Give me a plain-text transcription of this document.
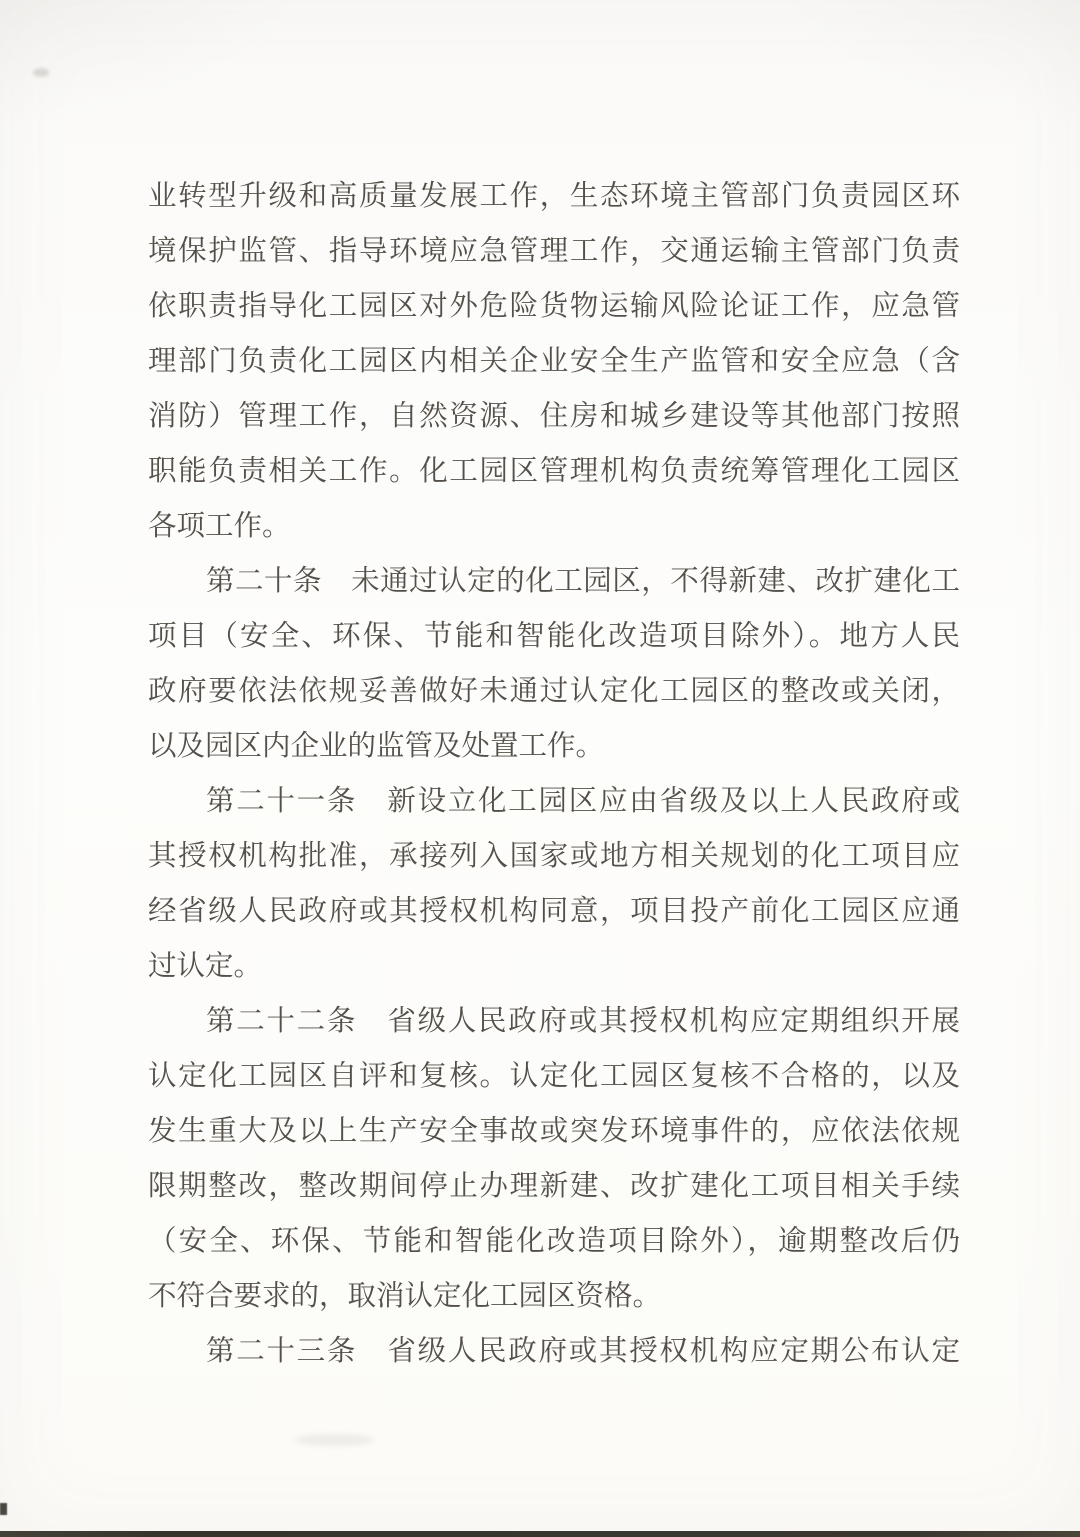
业转型升级和高质量发展工作，生态环境主管部门负责园区环
境保护监管、指导环境应急管理工作，交通运输主管部门负责
依职责指导化工园区对外危险货物运输风险论证工作，应急管
理部门负责化工园区内相关企业安全生产监管和安全应急（含
消防）管理工作，自然资源、住房和城乡建设等其他部门按照
职能负责相关工作。化工园区管理机构负责统筹管理化工园区
各项工作。
第二十条　未通过认定的化工园区，不得新建、改扩建化工
项目（安全、环保、节能和智能化改造项目除外）。地方人民
政府要依法依规妥善做好未通过认定化工园区的整改或关闭，
以及园区内企业的监管及处置工作。
第二十一条　新设立化工园区应由省级及以上人民政府或
其授权机构批准，承接列入国家或地方相关规划的化工项目应
经省级人民政府或其授权机构同意，项目投产前化工园区应通
过认定。
第二十二条　省级人民政府或其授权机构应定期组织开展
认定化工园区自评和复核。认定化工园区复核不合格的，以及
发生重大及以上生产安全事故或突发环境事件的，应依法依规
限期整改，整改期间停止办理新建、改扩建化工项目相关手续
（安全、环保、节能和智能化改造项目除外），逾期整改后仍
不符合要求的，取消认定化工园区资格。
第二十三条　省级人民政府或其授权机构应定期公布认定
